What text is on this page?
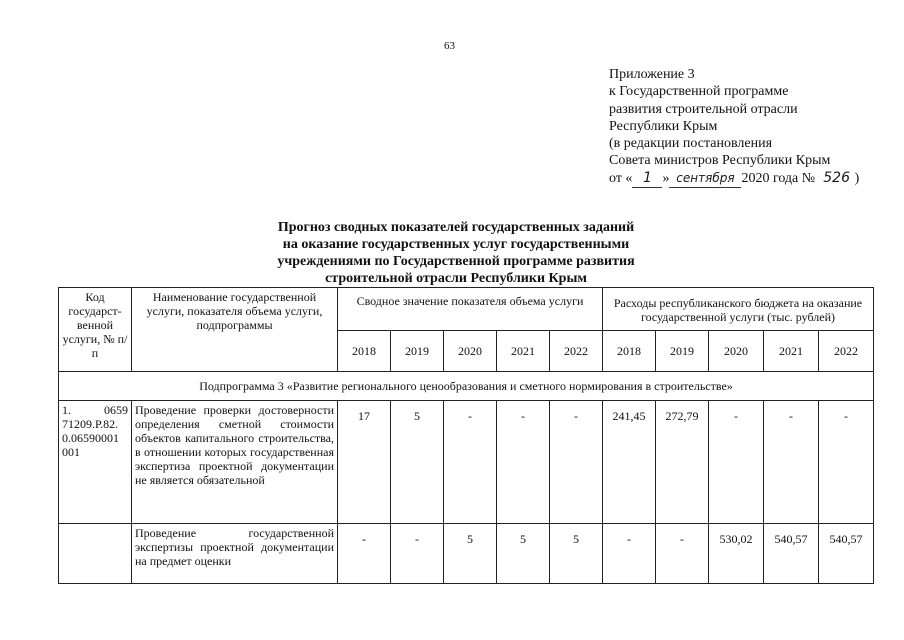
63
Приложение 3
к Государственной программе
развития строительной отрасли
Республики Крым
(в редакции постановления
Совета министров Республики Крым
от « 1 » сентября 2020 года № 526 )
Прогноз сводных показателей государственных заданий
на оказание государственных услуг государственными
учреждениями по Государственной программе развития
строительной отрасли Республики Крым
Код государст-венной услуги, № п/п	Наименование государственной услуги, показателя объема услуги, подпрограммы	Сводное значение показателя объема услуги					Расходы республиканского бюджета на оказание государственной услуги (тыс. рублей)				
		2018	2019	2020	2021	2022	2018	2019	2020	2021	2022
Подпрограмма 3 «Развитие регионального ценообразования и сметного нормирования в строительстве»											
1. 0659 71209.Р.82. 0.06590001 001	Проведение проверки достоверности определения сметной стоимости объектов капитального строительства, в отношении которых государственная экспертиза проектной документации не является обязательной	17	5	-	-	-	241,45	272,79	-	-	-
	Проведение государственной экспертизы проектной документации на предмет оценки	-	-	5	5	5	-	-	530,02	540,57	540,57
